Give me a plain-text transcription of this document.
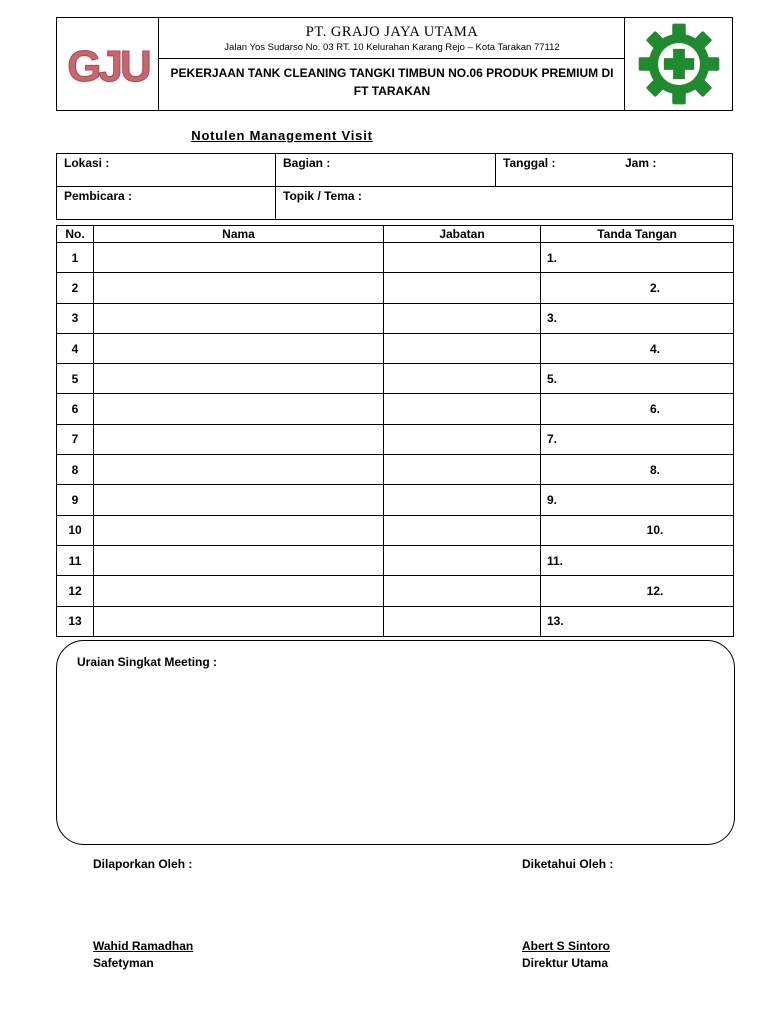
GJU
PT. GRAJO JAYA UTAMA
Jalan Yos Sudarso No. 03 RT. 10 Kelurahan Karang Rejo – Kota Tarakan 77112
PEKERJAAN TANK CLEANING TANGKI TIMBUN NO.06 PRODUK PREMIUM DI
FT TARAKAN
Notulen Management Visit
Lokasi :	Bagian :	Tanggal :	Jam :
Pembicara :	Topik / Tema :
No.	Nama	Jabatan	Tanda Tangan
1			1.
2			2.
3			3.
4			4.
5			5.
6			6.
7			7.
8			8.
9			9.
10			10.
11			11.
12			12.
13			13.
Uraian Singkat Meeting :
Dilaporkan Oleh :
Wahid Ramadhan
Safetyman
Diketahui Oleh :
Abert S Sintoro
Direktur Utama
